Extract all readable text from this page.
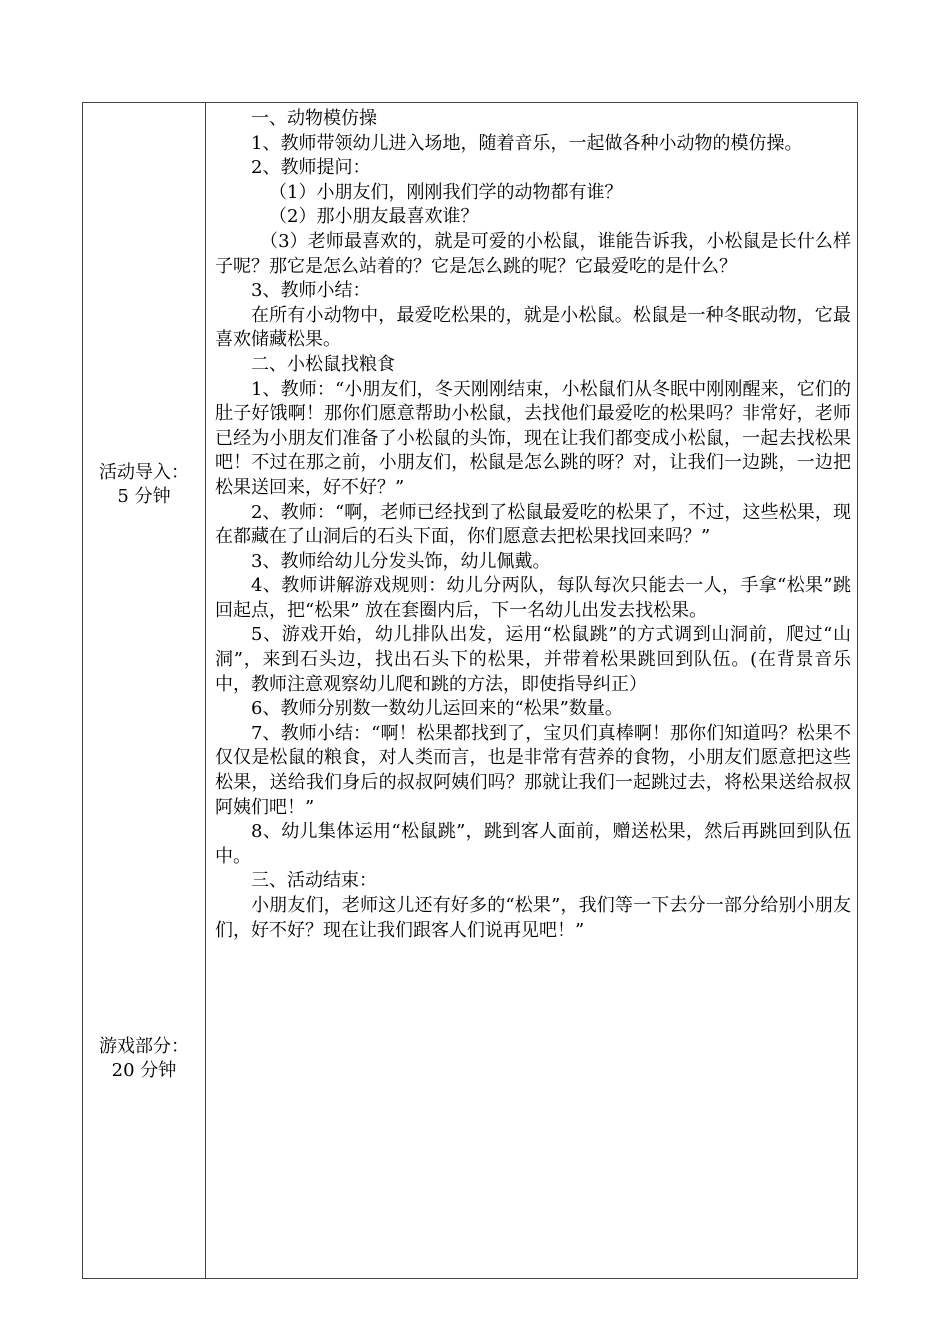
活动导入：
5 分钟
游戏部分：
20 分钟

一、动物模仿操

1、教师带领幼儿进入场地，随着音乐，一起做各种小动物的模仿操。

2、教师提问：

（1）小朋友们，刚刚我们学的动物都有谁？

（2）那小朋友最喜欢谁？

（3）老师最喜欢的，就是可爱的小松鼠，谁能告诉我，小松鼠是长什么样子呢？那它是怎么站着的？它是怎么跳的呢？它最爱吃的是什么？

3、教师小结：

在所有小动物中，最爱吃松果的，就是小松鼠。松鼠是一种冬眠动物，它最喜欢储藏松果。

二、小松鼠找粮食

1、教师：“小朋友们，冬天刚刚结束，小松鼠们从冬眠中刚刚醒来，它们的肚子好饿啊！那你们愿意帮助小松鼠，去找他们最爱吃的松果吗？非常好，老师已经为小朋友们准备了小松鼠的头饰，现在让我们都变成小松鼠，一起去找松果吧！不过在那之前，小朋友们，松鼠是怎么跳的呀？对，让我们一边跳，一边把松果送回来，好不好？”

2、教师：“啊，老师已经找到了松鼠最爱吃的松果了，不过，这些松果，现在都藏在了山洞后的石头下面，你们愿意去把松果找回来吗？”

3、教师给幼儿分发头饰，幼儿佩戴。

4、教师讲解游戏规则：幼儿分两队，每队每次只能去一人，手拿“松果”跳回起点，把“松果” 放在套圈内后，下一名幼儿出发去找松果。

5、游戏开始，幼儿排队出发，运用“松鼠跳”的方式调到山洞前，爬过“山洞”，来到石头边，找出石头下的松果，并带着松果跳回到队伍。(在背景音乐中，教师注意观察幼儿爬和跳的方法，即使指导纠正）

6、教师分别数一数幼儿运回来的“松果”数量。

7、教师小结：“啊！松果都找到了，宝贝们真棒啊！那你们知道吗？松果不仅仅是松鼠的粮食，对人类而言，也是非常有营养的食物，小朋友们愿意把这些松果，送给我们身后的叔叔阿姨们吗？那就让我们一起跳过去，将松果送给叔叔阿姨们吧！”

8、幼儿集体运用“松鼠跳”，跳到客人面前，赠送松果，然后再跳回到队伍中。

三、活动结束：

小朋友们，老师这儿还有好多的“松果”，我们等一下去分一部分给别小朋友们，好不好？现在让我们跟客人们说再见吧！”
